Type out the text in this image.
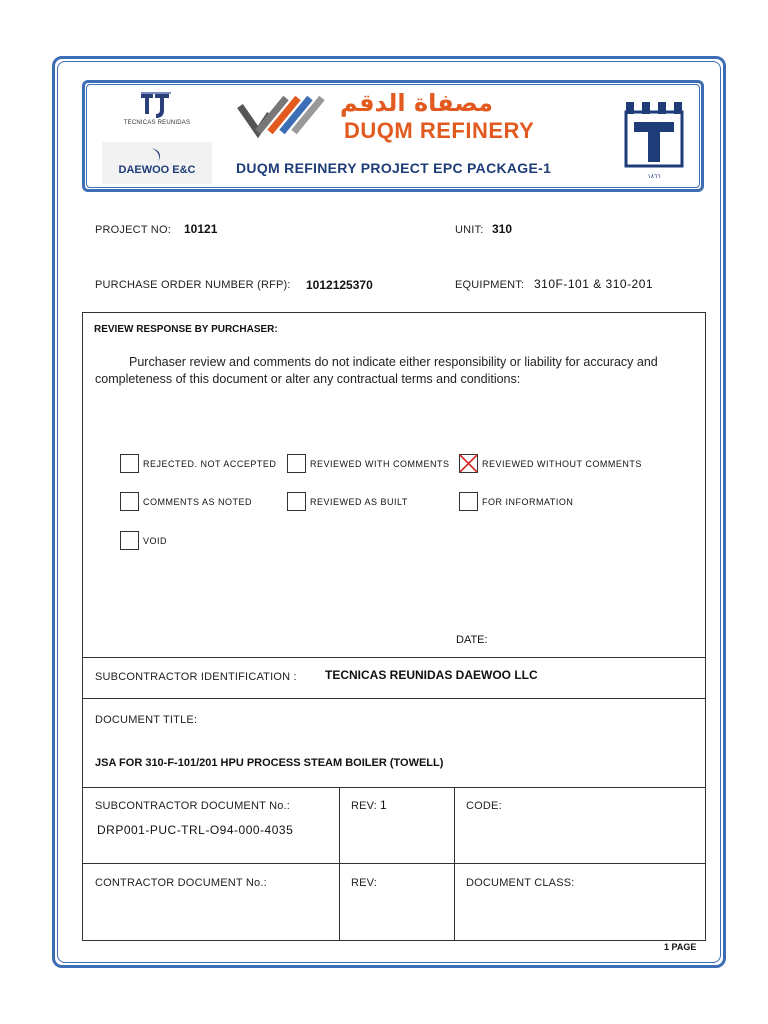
TECNICAS REUNIDAS
DAEWOO E&C
مصفاة الدقم
DUQM REFINERY
DUQM REFINERY PROJECT EPC PACKAGE-1
١٨٦٦
PROJECT NO: 10121	UNIT: 310
PURCHASE ORDER NUMBER (RFP): 1012125370	EQUIPMENT: 310F-101 & 310-201
REVIEW RESPONSE BY PURCHASER:
Purchaser review and comments do not indicate either responsibility or liability for accuracy and completeness of this document or alter any contractual terms and conditions:
REJECTED. NOT ACCEPTED	REVIEWED WITH COMMENTS	REVIEWED WITHOUT COMMENTS
COMMENTS AS NOTED	REVIEWED AS BUILT	FOR INFORMATION
VOID
DATE:
SUBCONTRACTOR IDENTIFICATION : TECNICAS REUNIDAS DAEWOO LLC
DOCUMENT TITLE:
JSA FOR 310-F-101/201 HPU PROCESS STEAM BOILER (TOWELL)
SUBCONTRACTOR DOCUMENT No.:
DRP001-PUC-TRL-O94-000-4035
REV: 1	CODE:
CONTRACTOR DOCUMENT No.:	REV:	DOCUMENT CLASS:
1 PAGE
